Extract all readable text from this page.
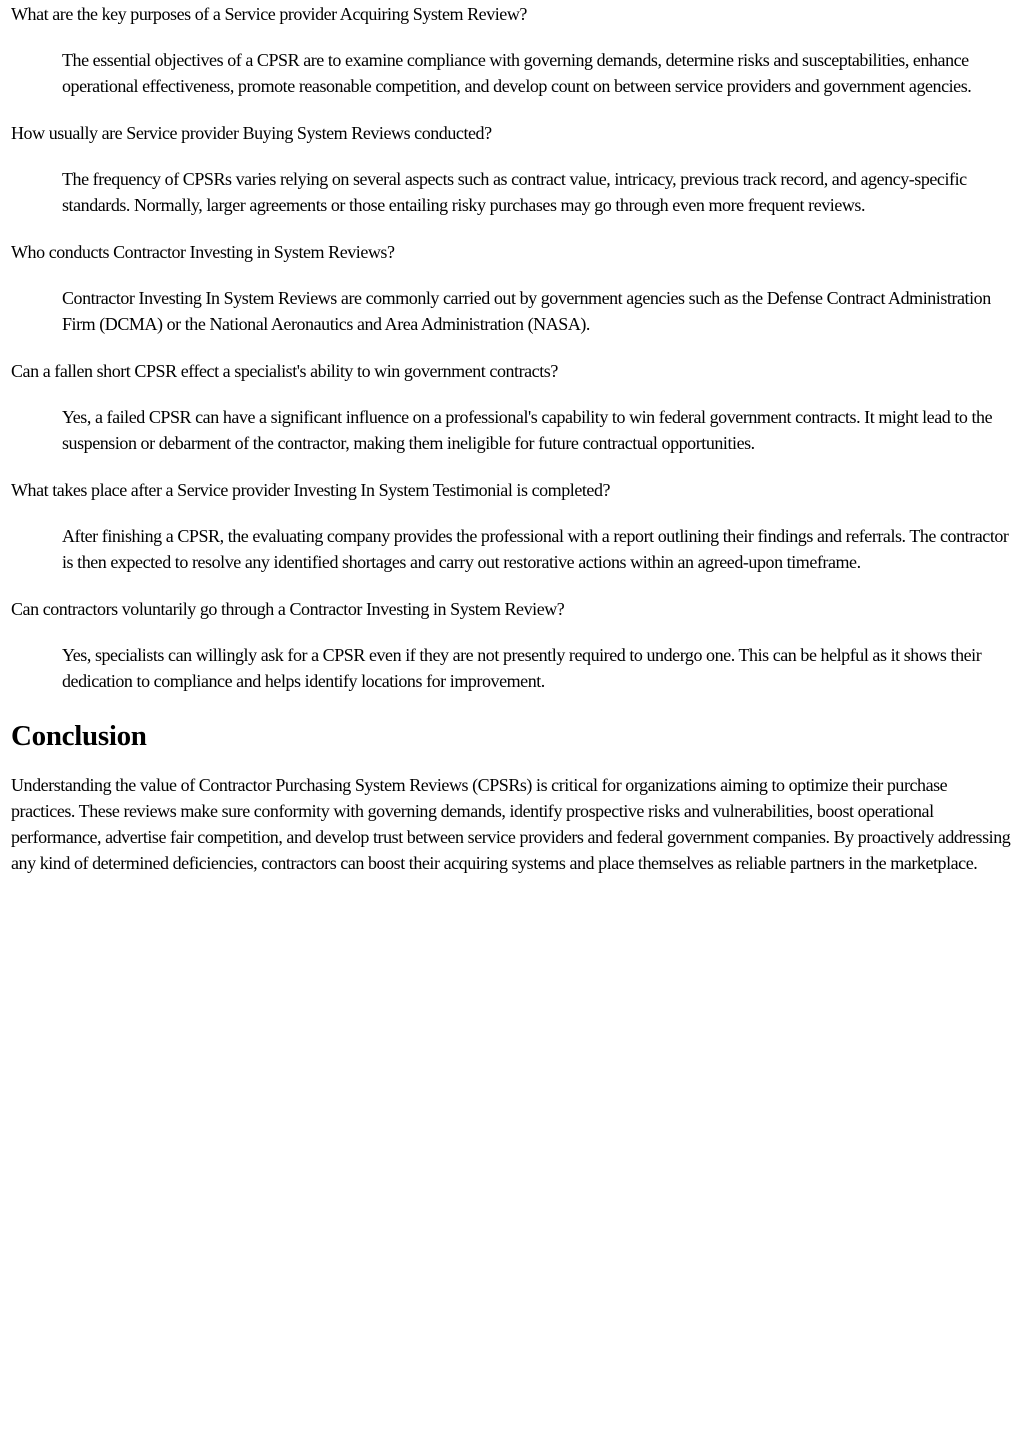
What are the key purposes of a Service provider Acquiring System Review?

The essential objectives of a CPSR are to examine compliance with governing demands, determine risks and susceptabilities, enhance operational effectiveness, promote reasonable competition, and develop count on between service providers and government agencies.

How usually are Service provider Buying System Reviews conducted?

The frequency of CPSRs varies relying on several aspects such as contract value, intricacy, previous track record, and agency-specific standards. Normally, larger agreements or those entailing risky purchases may go through even more frequent reviews.

Who conducts Contractor Investing in System Reviews?

Contractor Investing In System Reviews are commonly carried out by government agencies such as the Defense Contract Administration Firm (DCMA) or the National Aeronautics and Area Administration (NASA).

Can a fallen short CPSR effect a specialist's ability to win government contracts?

Yes, a failed CPSR can have a significant influence on a professional's capability to win federal government contracts. It might lead to the suspension or debarment of the contractor, making them ineligible for future contractual opportunities.

What takes place after a Service provider Investing In System Testimonial is completed?

After finishing a CPSR, the evaluating company provides the professional with a report outlining their findings and referrals. The contractor is then expected to resolve any identified shortages and carry out restorative actions within an agreed-upon timeframe.

Can contractors voluntarily go through a Contractor Investing in System Review?

Yes, specialists can willingly ask for a CPSR even if they are not presently required to undergo one. This can be helpful as it shows their dedication to compliance and helps identify locations for improvement.

Conclusion

Understanding the value of Contractor Purchasing System Reviews (CPSRs) is critical for organizations aiming to optimize their purchase practices. These reviews make sure conformity with governing demands, identify prospective risks and vulnerabilities, boost operational performance, advertise fair competition, and develop trust between service providers and federal government companies. By proactively addressing any kind of determined deficiencies, contractors can boost their acquiring systems and place themselves as reliable partners in the marketplace.
